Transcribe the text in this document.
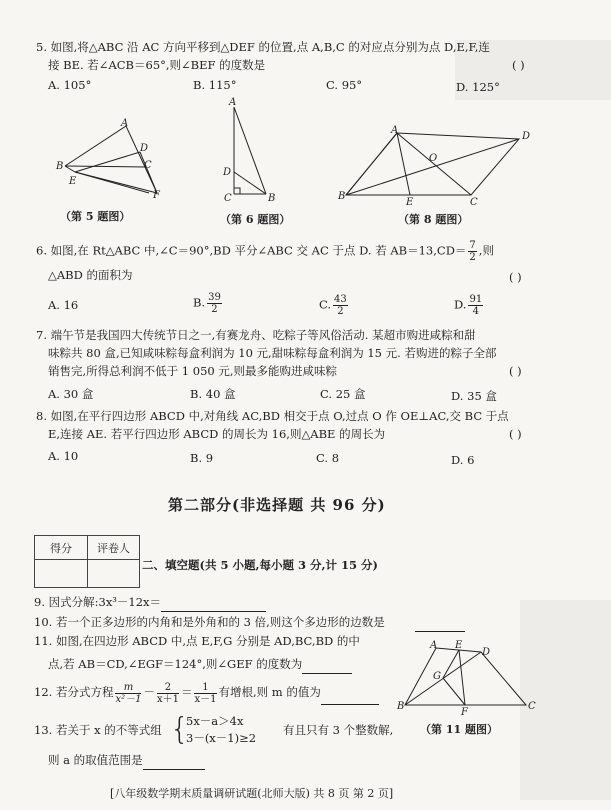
5. 如图,将△ABC 沿 AC 方向平移到△DEF 的位置,点 A,B,C 的对应点分别为点 D,E,F,连
接 BE. 若∠ACB＝65°,则∠BEF 的度数是	( )
A. 105°	B. 115°	C. 95°	D. 125°
A
B	C
D
E
F
（第 5 题图）
A
D
C	B
（第 6 题图）
A
D
O
B
E	C
（第 8 题图）
6. 如图,在 Rt△ABC 中,∠C＝90°,BD 平分∠ABC 交 AC 于点 D. 若 $AB=13,CD= \frac{7}{2}$ ,则
△ABD 的面积为	( )
A. 16	B. $\frac{39}{2}$	C. $\frac{43}{2}$	D. $\frac{91}{4}$
7. 端午节是我国四大传统节日之一,有赛龙舟、吃粽子等风俗活动. 某超市购进咸粽和甜
味粽共 80 盒,已知咸味粽每盒利润为 10 元,甜味粽每盒利润为 15 元. 若购进的粽子全部
销售完,所得总利润不低于 1 050 元,则最多能购进咸味粽	( )
A. 30 盒	B. 40 盒	C. 25 盒	D. 35 盒
8. 如图,在平行四边形 ABCD 中,对角线 AC,BD 相交于点 O,过点 O 作 OE⊥AC,交 BC 于点
E,连接 AE. 若平行四边形 ABCD 的周长为 16,则△ABE 的周长为	( )
A. 10	B. 9	C. 8	D. 6
第二部分(非选择题 共 96 分)
得分	评卷人

二、填空题(共 5 小题,每小题 3 分,计 15 分)
9. 因式分解:3x³－12x＝
10. 若一个正多边形的内角和是外角和的 3 倍,则这个多边形的边数是
11. 如图,在四边形 ABCD 中,点 E,F,G 分别是 AD,BC,BD 的中
点,若 AB＝CD,∠EGF＝124°,则∠GEF 的度数为
A E
D
G
B
F
C
（第 11 题图）
12. 若分式方程 $\frac{m}{\text{x²－1}} - \frac{2}{x+1} = \frac{1}{x-1}$ 有增根,则 m 的值为
13. 若关于 x 的不等式组 {
5x－a＞4x
3－(x－1)≥2
有且只有 3 个整数解,
则 a 的取值范围是
[八年级数学期末质量调研试题(北师大版) 共 8 页 第 2 页]
